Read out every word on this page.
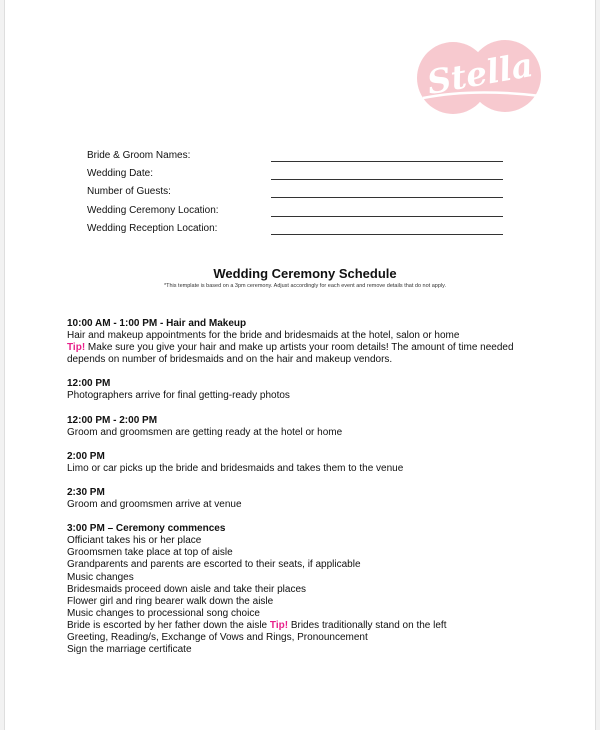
Stella
Bride & Groom Names:
Wedding Date:
Number of Guests:
Wedding Ceremony Location:
Wedding Reception Location:
Wedding Ceremony Schedule
*This template is based on a 3pm ceremony. Adjust accordingly for each event and remove details that do not apply.
10:00 AM - 1:00 PM - Hair and Makeup
Hair and makeup appointments for the bride and bridesmaids at the hotel, salon or home
Tip! Make sure you give your hair and make up artists your room details! The amount of time needed
depends on number of bridesmaids and on the hair and makeup vendors.
12:00 PM
Photographers arrive for final getting-ready photos
12:00 PM - 2:00 PM
Groom and groomsmen are getting ready at the hotel or home
2:00 PM
Limo or car picks up the bride and bridesmaids and takes them to the venue
2:30 PM
Groom and groomsmen arrive at venue
3:00 PM – Ceremony commences
Officiant takes his or her place
Groomsmen take place at top of aisle
Grandparents and parents are escorted to their seats, if applicable
Music changes
Bridesmaids proceed down aisle and take their places
Flower girl and ring bearer walk down the aisle
Music changes to processional song choice
Bride is escorted by her father down the aisle Tip! Brides traditionally stand on the left
Greeting, Reading/s, Exchange of Vows and Rings, Pronouncement
Sign the marriage certificate
